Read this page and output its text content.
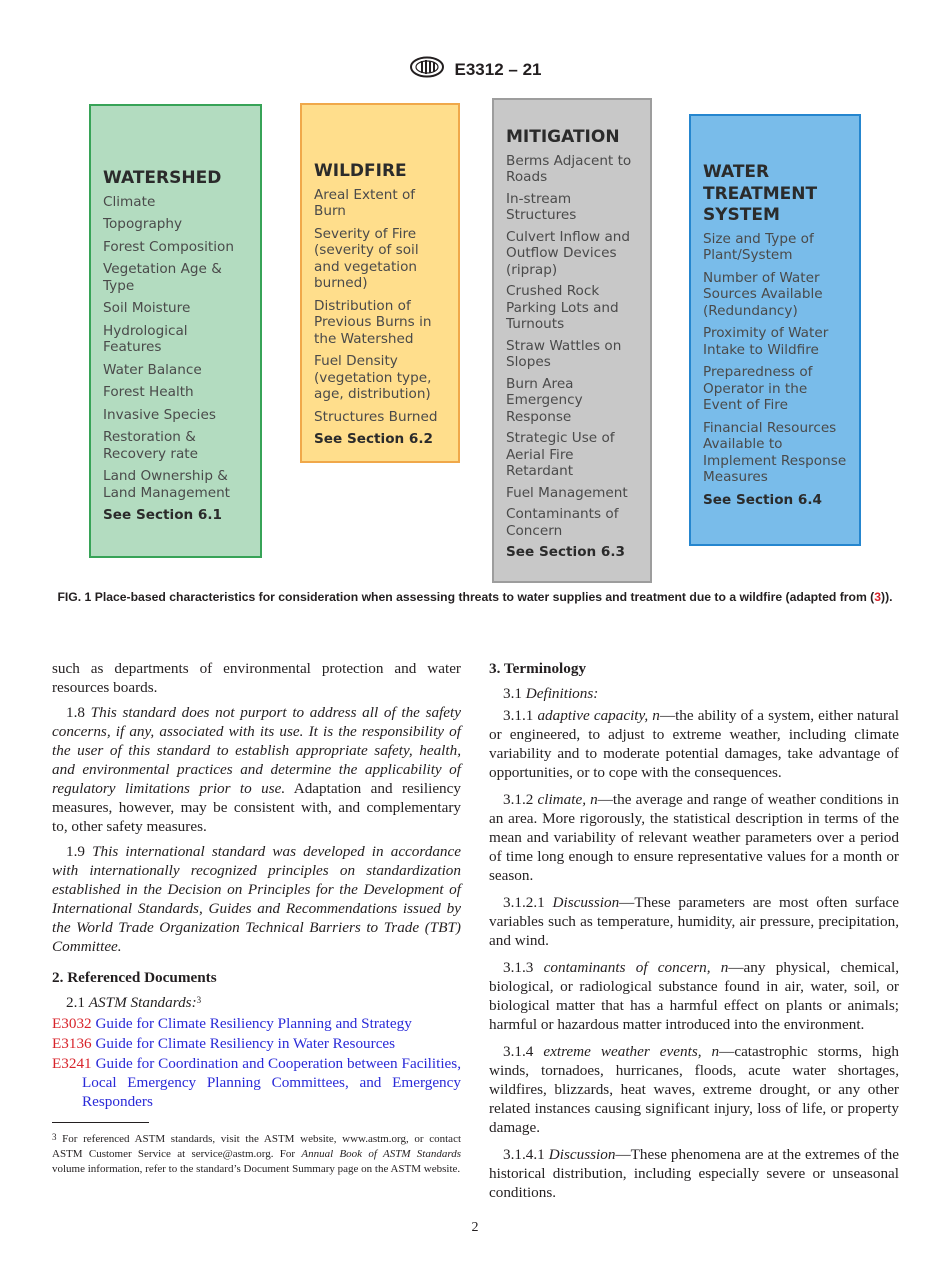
E3312 – 21
WATERSHED
Climate
Topography
Forest Composition
Vegetation Age & Type
Soil Moisture
Hydrological Features
Water Balance
Forest Health
Invasive Species
Restoration & Recovery rate
Land Ownership & Land Management
See Section 6.1
WILDFIRE
Areal Extent of Burn
Severity of Fire (severity of soil and vegetation burned)
Distribution of Previous Burns in the Watershed
Fuel Density (vegetation type, age, distribution)
Structures Burned
See Section 6.2
MITIGATION
Berms Adjacent to Roads
In-stream Structures
Culvert Inflow and Outflow Devices (riprap)
Crushed Rock Parking Lots and Turnouts
Straw Wattles on Slopes
Burn Area Emergency Response
Strategic Use of Aerial Fire Retardant
Fuel Management
Contaminants of Concern
See Section 6.3
WATER TREATMENT SYSTEM
Size and Type of Plant/System
Number of Water Sources Available (Redundancy)
Proximity of Water Intake to Wildfire
Preparedness of Operator in the Event of Fire
Financial Resources Available to Implement Response Measures
See Section 6.4
FIG. 1 Place-based characteristics for consideration when assessing threats to water supplies and treatment due to a wildfire (adapted from (3)).

such as departments of environmental protection and water resources boards.

1.8 This standard does not purport to address all of the safety concerns, if any, associated with its use. It is the responsibility of the user of this standard to establish appropriate safety, health, and environmental practices and determine the applicability of regulatory limitations prior to use. Adaptation and resiliency measures, however, may be consistent with, and complementary to, other safety measures.

1.9 This international standard was developed in accordance with internationally recognized principles on standardization established in the Decision on Principles for the Development of International Standards, Guides and Recommendations issued by the World Trade Organization Technical Barriers to Trade (TBT) Committee.

2. Referenced Documents

2.1 ASTM Standards:$^3$

E3032 Guide for Climate Resiliency Planning and Strategy

E3136 Guide for Climate Resiliency in Water Resources

E3241 Guide for Coordination and Cooperation between Facilities, Local Emergency Planning Committees, and Emergency Responders

$^3$ For referenced ASTM standards, visit the ASTM website, www.astm.org, or contact ASTM Customer Service at service@astm.org. For Annual Book of ASTM Standards volume information, refer to the standard’s Document Summary page on the ASTM website.
3. Terminology

3.1 Definitions:

3.1.1 adaptive capacity, n—the ability of a system, either natural or engineered, to adjust to extreme weather, including climate variability and to moderate potential damages, take advantage of opportunities, or to cope with the consequences.

3.1.2 climate, n—the average and range of weather conditions in an area. More rigorously, the statistical description in terms of the mean and variability of relevant weather parameters over a period of time long enough to ensure representative values for a month or season.

3.1.2.1 Discussion—These parameters are most often surface variables such as temperature, humidity, air pressure, precipitation, and wind.

3.1.3 contaminants of concern, n—any physical, chemical, biological, or radiological substance found in air, water, soil, or biological matter that has a harmful effect on plants or animals; harmful or hazardous matter introduced into the environment.

3.1.4 extreme weather events, n—catastrophic storms, high winds, tornadoes, hurricanes, floods, acute water shortages, wildfires, blizzards, heat waves, extreme drought, or any other related instances causing significant injury, loss of life, or property damage.

3.1.4.1 Discussion—These phenomena are at the extremes of the historical distribution, including especially severe or unseasonal conditions.

2
